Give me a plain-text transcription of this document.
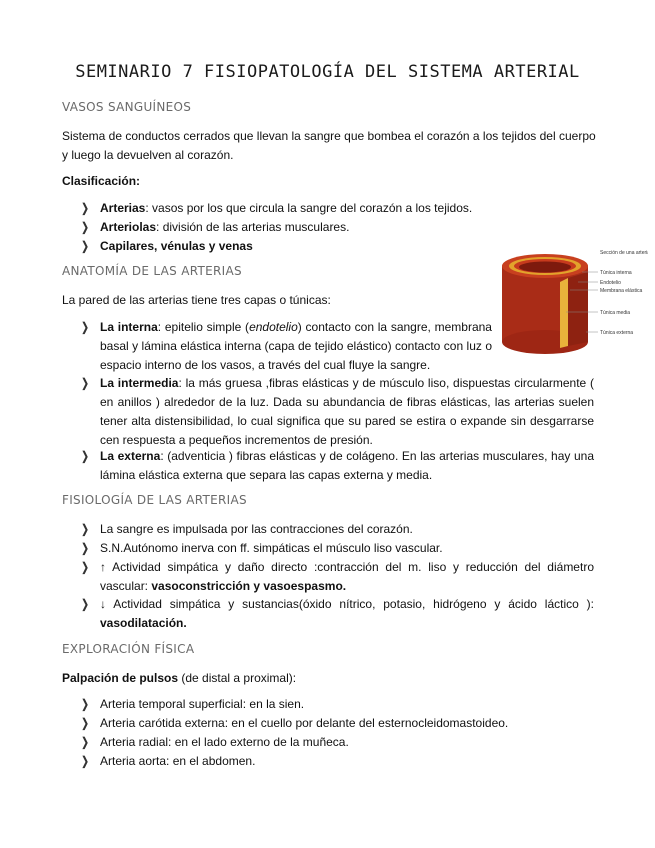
SEMINARIO 7 FISIOPATOLOGÍA DEL SISTEMA ARTERIAL
VASOS SANGUÍNEOS
Sistema de conductos cerrados que llevan la sangre que bombea el corazón a los tejidos del cuerpo y luego la devuelven al corazón.
Clasificación:
❭ Arterias: vasos por los que circula la sangre del corazón a los tejidos.
❭ Arteriolas: división de las arterias musculares.
❭ Capilares, vénulas y venas
ANATOMÍA DE LAS ARTERIAS
La pared de las arterias tiene tres capas o túnicas:
Sección de una arteria
Túnica interna
Endotelio
Membrana elástica
Túnica media
Túnica externa
❭ La interna: epitelio simple (endotelio) contacto con la sangre, membrana basal y lámina elástica interna (capa de tejido elástico) contacto con luz o espacio interno de los vasos, a través del cual fluye la sangre.
❭ La intermedia: la más gruesa ,fibras elásticas y de músculo liso, dispuestas circularmente ( en anillos ) alrededor de la luz. Dada su abundancia de fibras elásticas, las arterias suelen tener alta distensibilidad, lo cual significa que su pared se estira o expande sin desgarrarse cen respuesta a pequeños incrementos de presión.
❭ La externa: (adventicia ) fibras elásticas y de colágeno. En las arterias musculares, hay una lámina elástica externa que separa las capas externa y media.
FISIOLOGÍA DE LAS ARTERIAS
❭ La sangre es impulsada por las contracciones del corazón.
❭ S.N.Autónomo inerva con ff. simpáticas el músculo liso vascular.
❭ ↑ Actividad simpática y daño directo :contracción del m. liso y reducción del diámetro vascular: vasoconstricción y vasoespasmo.
❭ ↓ Actividad simpática y sustancias(óxido nítrico, potasio, hidrógeno y ácido láctico ): vasodilatación.
EXPLORACIÓN FÍSICA
Palpación de pulsos (de distal a proximal):
❭ Arteria temporal superficial: en la sien.
❭ Arteria carótida externa: en el cuello por delante del esternocleidomastoideo.
❭ Arteria radial: en el lado externo de la muñeca.
❭ Arteria aorta: en el abdomen.
